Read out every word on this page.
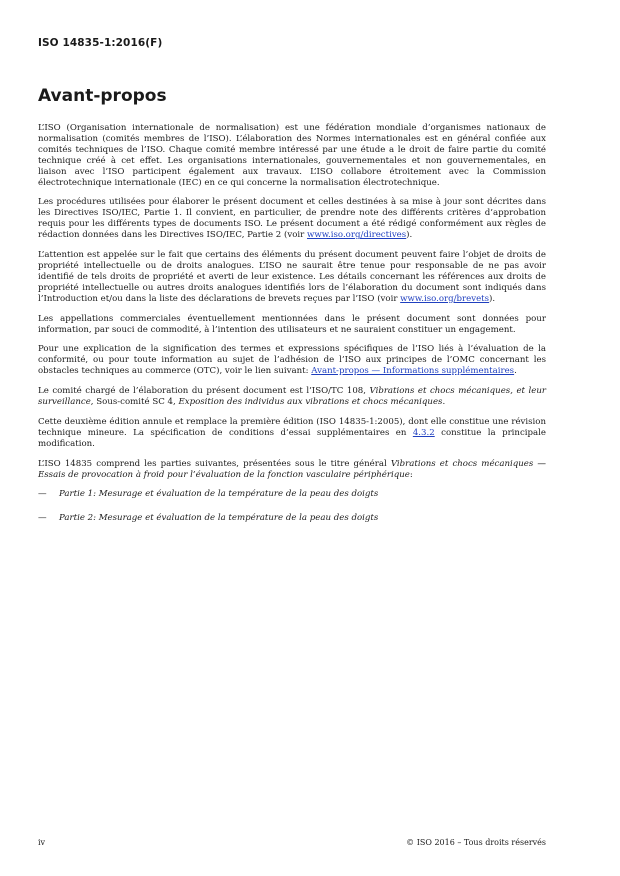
ISO 14835-1:2016(F)
Avant-propos

L’ISO (Organisation internationale de normalisation) est une fédération mondiale d’organismes nationaux de normalisation (comités membres de l’ISO). L’élaboration des Normes internationales est en général confiée aux comités techniques de l’ISO. Chaque comité membre intéressé par une étude a le droit de faire partie du comité technique créé à cet effet. Les organisations internationales, gouvernementales et non gouvernementales, en liaison avec l’ISO participent également aux travaux. L’ISO collabore étroitement avec la Commission électrotechnique internationale (IEC) en ce qui concerne la normalisation électrotechnique.

Les procédures utilisées pour élaborer le présent document et celles destinées à sa mise à jour sont décrites dans les Directives ISO/IEC, Partie 1. Il convient, en particulier, de prendre note des différents critères d’approbation requis pour les différents types de documents ISO. Le présent document a été rédigé conformément aux règles de rédaction données dans les Directives ISO/IEC, Partie 2 (voir www.iso.org/directives).

L’attention est appelée sur le fait que certains des éléments du présent document peuvent faire l’objet de droits de propriété intellectuelle ou de droits analogues. L’ISO ne saurait être tenue pour responsable de ne pas avoir identifié de tels droits de propriété et averti de leur existence. Les détails concernant les références aux droits de propriété intellectuelle ou autres droits analogues identifiés lors de l’élaboration du document sont indiqués dans l’Introduction et/ou dans la liste des déclarations de brevets reçues par l’ISO (voir www.iso.org/brevets).

Les appellations commerciales éventuellement mentionnées dans le présent document sont données pour information, par souci de commodité, à l’intention des utilisateurs et ne sauraient constituer un engagement.

Pour une explication de la signification des termes et expressions spécifiques de l’ISO liés à l’évaluation de la conformité, ou pour toute information au sujet de l’adhésion de l’ISO aux principes de l’OMC concernant les obstacles techniques au commerce (OTC), voir le lien suivant: Avant-propos — Informations supplémentaires.

Le comité chargé de l’élaboration du présent document est l’ISO/TC 108, Vibrations et chocs mécaniques, et leur surveillance, Sous-comité SC 4, Exposition des individus aux vibrations et chocs mécaniques.

Cette deuxième édition annule et remplace la première édition (ISO 14835-1:2005), dont elle constitue une révision technique mineure. La spécification de conditions d’essai supplémentaires en 4.3.2 constitue la principale modification.

L’ISO 14835 comprend les parties suivantes, présentées sous le titre général Vibrations et chocs mécaniques — Essais de provocation à froid pour l’évaluation de la fonction vasculaire périphérique:

—	Partie 1: Mesurage et évaluation de la température de la peau des doigts
—	Partie 2: Mesurage et évaluation de la température de la peau des doigts
iv	© ISO 2016 – Tous droits réservés
